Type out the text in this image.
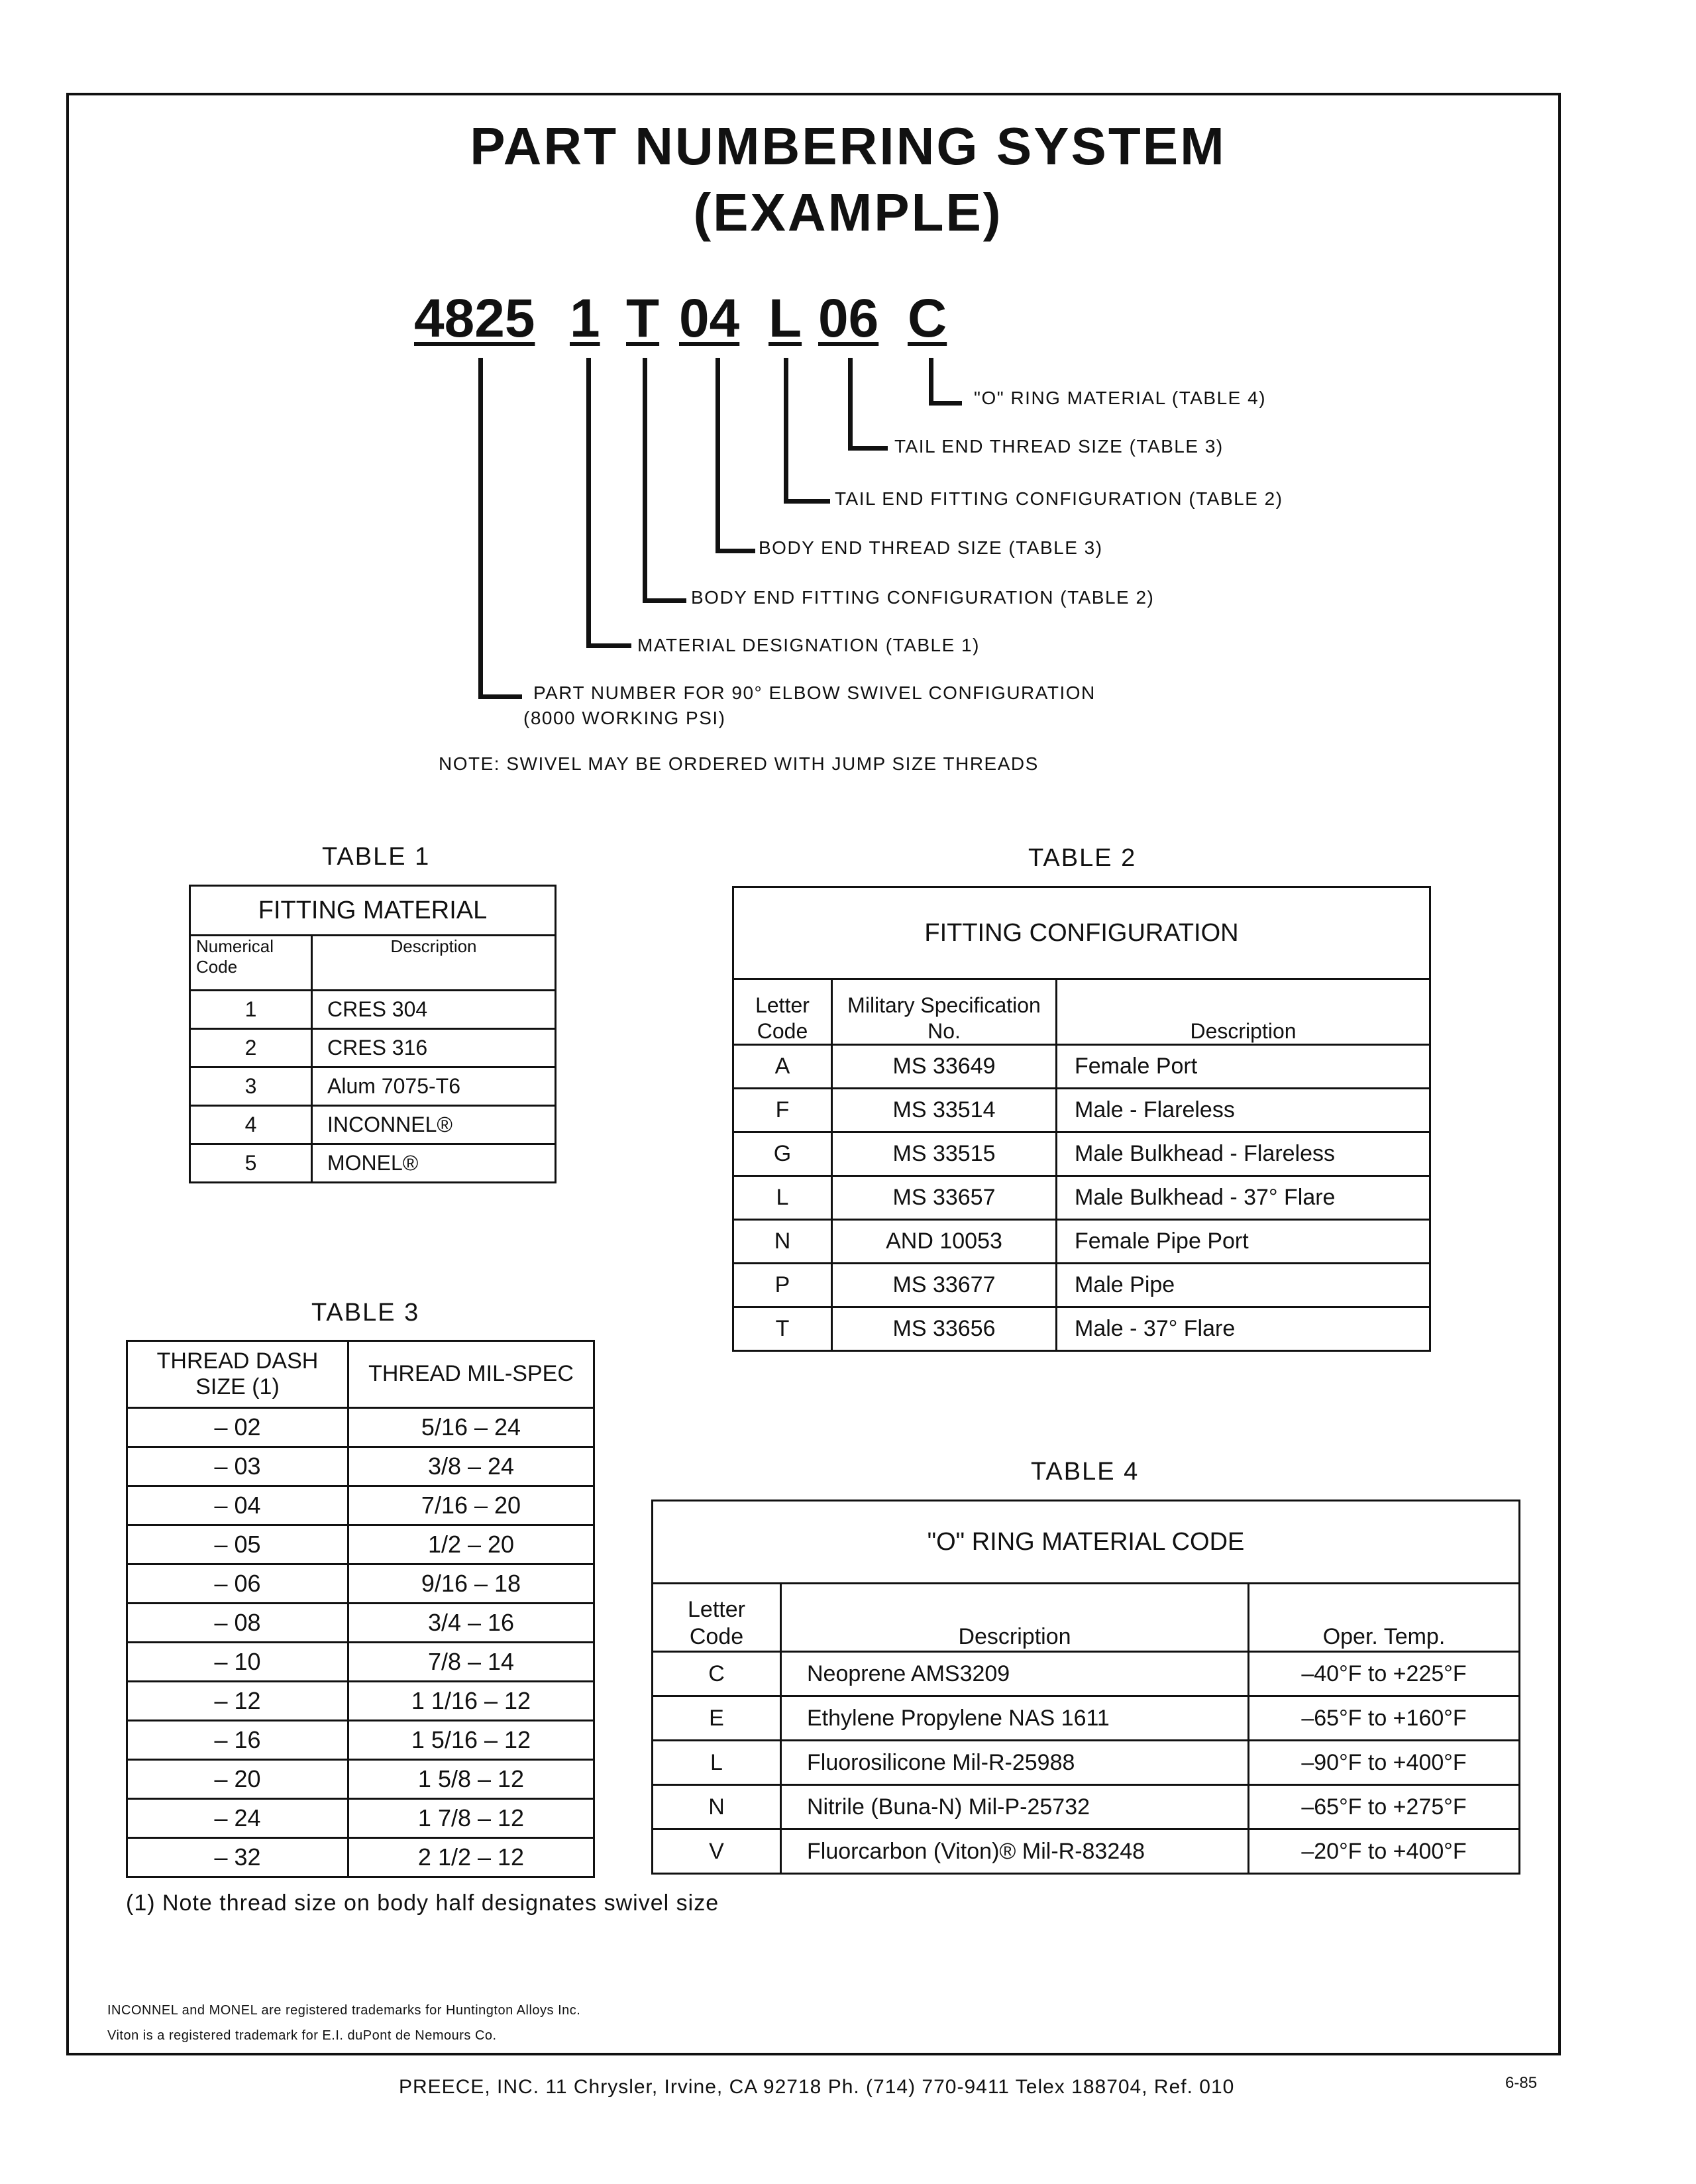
PART NUMBERING SYSTEM
(EXAMPLE)
4825 1 T 04 L 06 C
"O" RING MATERIAL (TABLE 4)
TAIL END THREAD SIZE (TABLE 3)
TAIL END FITTING CONFIGURATION (TABLE 2)
BODY END THREAD SIZE (TABLE 3)
BODY END FITTING CONFIGURATION (TABLE 2)
MATERIAL DESIGNATION (TABLE 1)
PART NUMBER FOR 90° ELBOW SWIVEL CONFIGURATION
(8000 WORKING PSI)
NOTE: SWIVEL MAY BE ORDERED WITH JUMP SIZE THREADS
TABLE 1
FITTING MATERIAL	
Numerical Code	Description
1	CRES 304
2	CRES 316
3	Alum 7075-T6
4	INCONNEL®
5	MONEL®
TABLE 2
FITTING CONFIGURATION		
Letter Code	Military Specification No.	Description
A	MS 33649	Female Port
F	MS 33514	Male - Flareless
G	MS 33515	Male Bulkhead - Flareless
L	MS 33657	Male Bulkhead - 37° Flare
N	AND 10053	Female Pipe Port
P	MS 33677	Male Pipe
T	MS 33656	Male - 37° Flare
TABLE 3
THREAD DASH SIZE (1)	THREAD MIL-SPEC
– 02	5/16 – 24
– 03	3/8 – 24
– 04	7/16 – 20
– 05	1/2 – 20
– 06	9/16 – 18
– 08	3/4 – 16
– 10	7/8 – 14
– 12	1 1/16 – 12
– 16	1 5/16 – 12
– 20	1 5/8 – 12
– 24	1 7/8 – 12
– 32	2 1/2 – 12
TABLE 4
"O" RING MATERIAL CODE		
Letter Code	Description	Oper. Temp.
C	Neoprene AMS3209	–40°F to +225°F
E	Ethylene Propylene NAS 1611	–65°F to +160°F
L	Fluorosilicone Mil-R-25988	–90°F to +400°F
N	Nitrile (Buna-N) Mil-P-25732	–65°F to +275°F
V	Fluorcarbon (Viton)® Mil-R-83248	–20°F to +400°F
(1) Note thread size on body half designates swivel size
INCONNEL and MONEL are registered trademarks for Huntington Alloys Inc.
Viton is a registered trademark for E.I. duPont de Nemours Co.
PREECE, INC. 11 Chrysler, Irvine, CA 92718 Ph. (714) 770-9411 Telex 188704, Ref. 010	6-85
